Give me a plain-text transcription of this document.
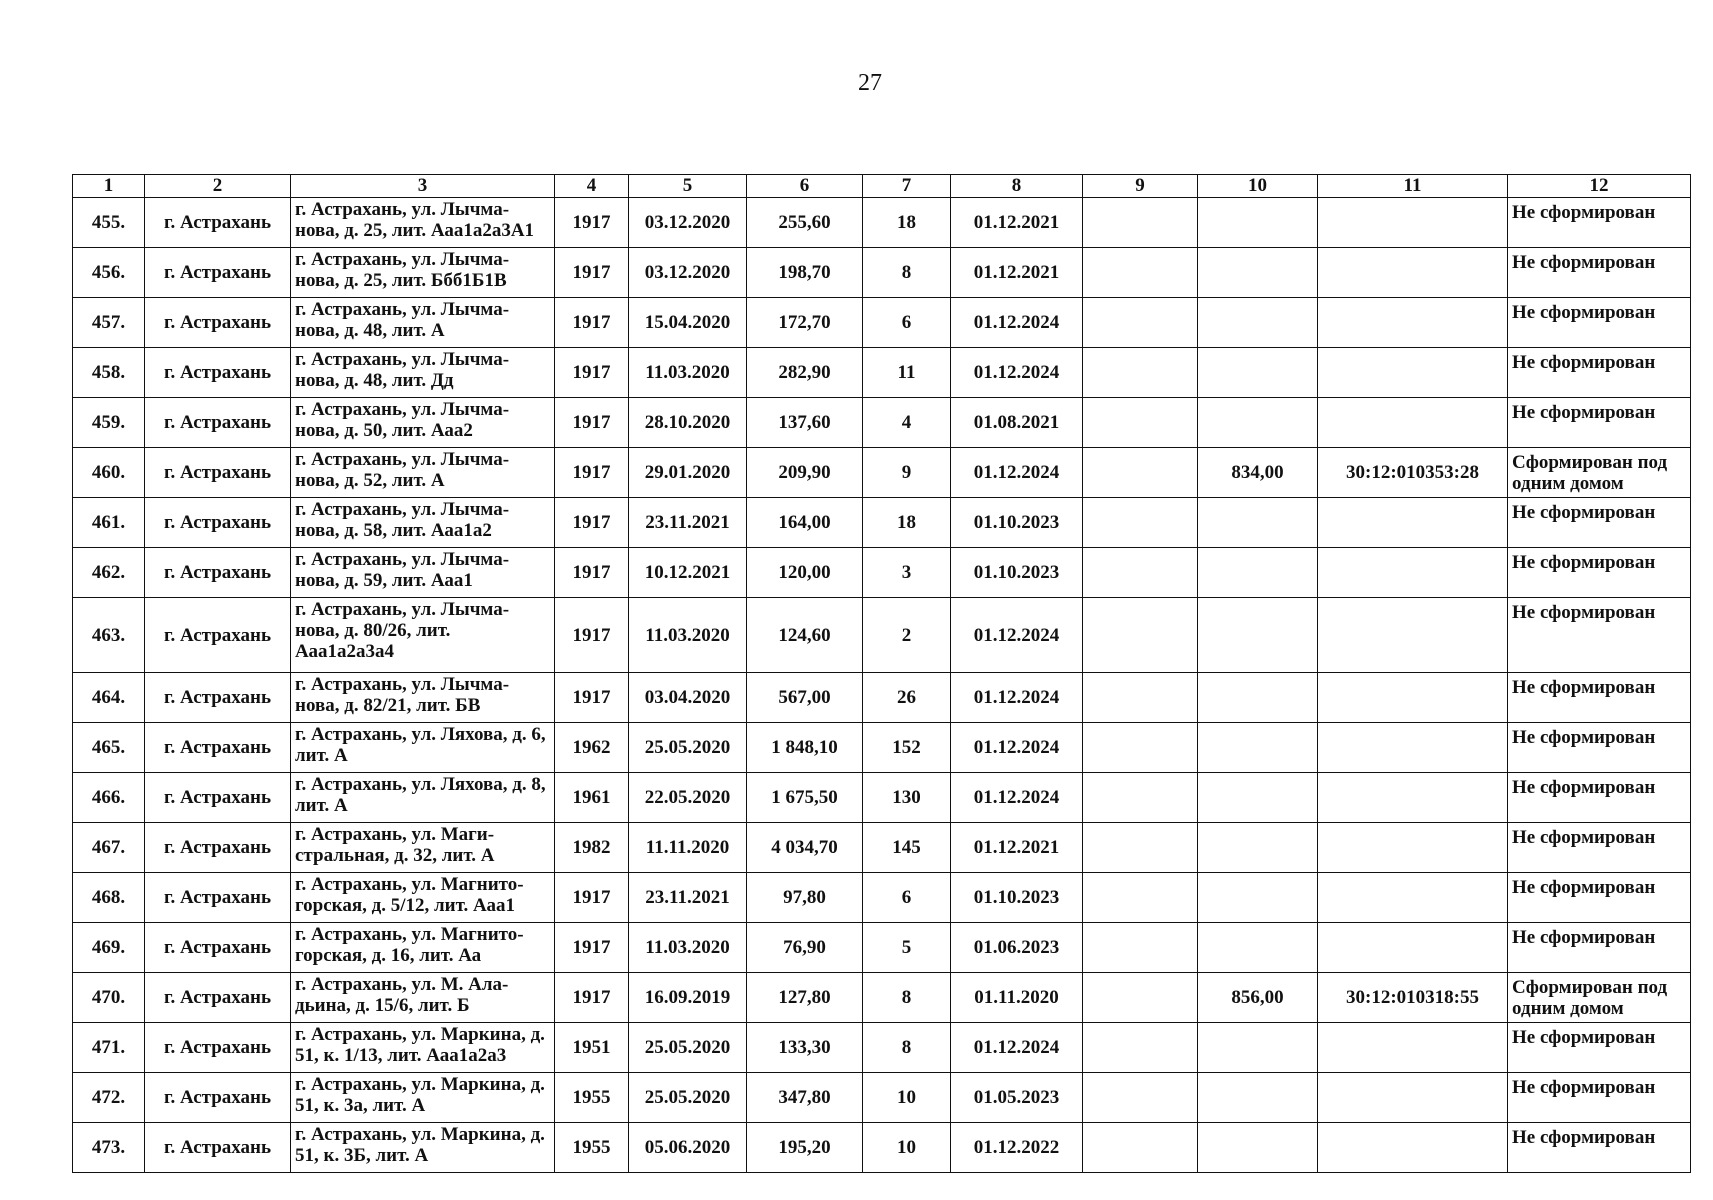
27
1	2	3	4	5	6	7	8	9	10	11	12
455.	г. Астрахань	г. Астрахань, ул. Лычма-нова, д. 25, лит. Ааа1а2а3А1	1917	03.12.2020	255,60	18	01.12.2021				Не сформирован
456.	г. Астрахань	г. Астрахань, ул. Лычма-нова, д. 25, лит. Ббб1Б1В	1917	03.12.2020	198,70	8	01.12.2021				Не сформирован
457.	г. Астрахань	г. Астрахань, ул. Лычма-нова, д. 48, лит. А	1917	15.04.2020	172,70	6	01.12.2024				Не сформирован
458.	г. Астрахань	г. Астрахань, ул. Лычма-нова, д. 48, лит. Дд	1917	11.03.2020	282,90	11	01.12.2024				Не сформирован
459.	г. Астрахань	г. Астрахань, ул. Лычма-нова, д. 50, лит. Ааа2	1917	28.10.2020	137,60	4	01.08.2021				Не сформирован
460.	г. Астрахань	г. Астрахань, ул. Лычма-нова, д. 52, лит. А	1917	29.01.2020	209,90	9	01.12.2024		834,00	30:12:010353:28	Сформирован под одним домом
461.	г. Астрахань	г. Астрахань, ул. Лычма-нова, д. 58, лит. Ааа1а2	1917	23.11.2021	164,00	18	01.10.2023				Не сформирован
462.	г. Астрахань	г. Астрахань, ул. Лычма-нова, д. 59, лит. Ааа1	1917	10.12.2021	120,00	3	01.10.2023				Не сформирован
463.	г. Астрахань	г. Астрахань, ул. Лычма-нова, д. 80/26, лит. Ааа1а2а3а4	1917	11.03.2020	124,60	2	01.12.2024				Не сформирован
464.	г. Астрахань	г. Астрахань, ул. Лычма-нова, д. 82/21, лит. БВ	1917	03.04.2020	567,00	26	01.12.2024				Не сформирован
465.	г. Астрахань	г. Астрахань, ул. Ляхова, д. 6, лит. А	1962	25.05.2020	1 848,10	152	01.12.2024				Не сформирован
466.	г. Астрахань	г. Астрахань, ул. Ляхова, д. 8, лит. А	1961	22.05.2020	1 675,50	130	01.12.2024				Не сформирован
467.	г. Астрахань	г. Астрахань, ул. Маги-стральная, д. 32, лит. А	1982	11.11.2020	4 034,70	145	01.12.2021				Не сформирован
468.	г. Астрахань	г. Астрахань, ул. Магнито-горская, д. 5/12, лит. Ааа1	1917	23.11.2021	97,80	6	01.10.2023				Не сформирован
469.	г. Астрахань	г. Астрахань, ул. Магнито-горская, д. 16, лит. Аа	1917	11.03.2020	76,90	5	01.06.2023				Не сформирован
470.	г. Астрахань	г. Астрахань, ул. М. Ала-дьина, д. 15/6, лит. Б	1917	16.09.2019	127,80	8	01.11.2020		856,00	30:12:010318:55	Сформирован под одним домом
471.	г. Астрахань	г. Астрахань, ул. Маркина, д. 51, к. 1/13, лит. Ааа1а2а3	1951	25.05.2020	133,30	8	01.12.2024				Не сформирован
472.	г. Астрахань	г. Астрахань, ул. Маркина, д. 51, к. 3а, лит. А	1955	25.05.2020	347,80	10	01.05.2023				Не сформирован
473.	г. Астрахань	г. Астрахань, ул. Маркина, д. 51, к. 3Б, лит. А	1955	05.06.2020	195,20	10	01.12.2022				Не сформирован
